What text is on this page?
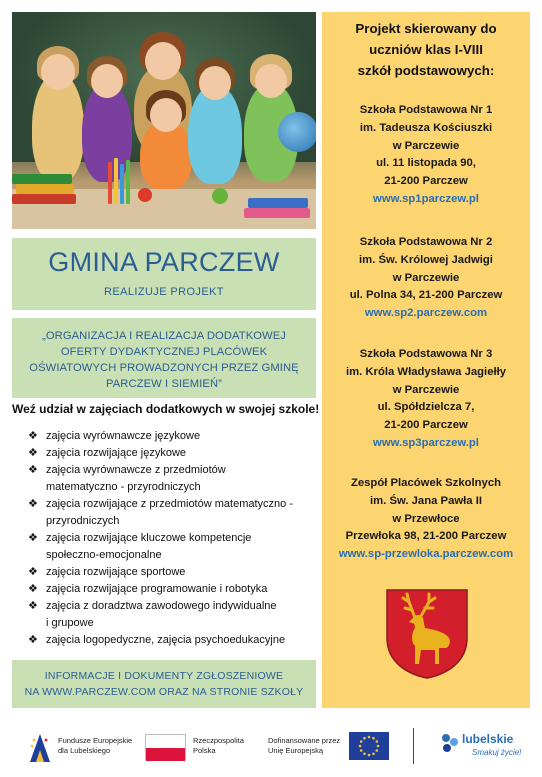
GMINA PARCZEW
REALIZUJE PROJEKT
„ORGANIZACJA I REALIZACJA DODATKOWEJ
OFERTY DYDAKTYCZNEJ PLACÓWEK
OŚWIATOWYCH PROWADZONYCH PRZEZ GMINĘ
PARCZEW I SIEMIEŃ”
Weź udział w zajęciach dodatkowych w swojej szkole!
❖ zajęcia wyrównawcze językowe
❖ zajęcia rozwijające językowe
❖ zajęcia wyrównawcze z przedmiotów
matematyczno - przyrodniczych
❖ zajęcia rozwijające z przedmiotów matematyczno -
przyrodniczych
❖ zajęcia rozwijające kluczowe kompetencje
społeczno-emocjonalne
❖ zajęcia rozwijające sportowe
❖ zajęcia rozwijające programowanie i robotyka
❖ zajęcia z doradztwa zawodowego indywidualne
i grupowe
❖ zajęcia logopedyczne, zajęcia psychoedukacyjne
INFORMACJE I DOKUMENTY ZGŁOSZENIOWE
NA WWW.PARCZEW.COM ORAZ NA STRONIE SZKOŁY
Projekt skierowany do
uczniów klas I-VIII
szkół podstawowych:
Szkoła Podstawowa Nr 1
im. Tadeusza Kościuszki
w Parczewie
ul. 11 listopada 90,
21-200 Parczew
www.sp1parczew.pl
Szkoła Podstawowa Nr 2
im. Św. Królowej Jadwigi
w Parczewie
ul. Polna 34, 21-200 Parczew
www.sp2.parczew.com
Szkoła Podstawowa Nr 3
im. Króla Władysława Jagiełły
w Parczewie
ul. Spółdzielcza 7,
21-200 Parczew
www.sp3parczew.pl
Zespół Placówek Szkolnych
im. Św. Jana Pawła II
w Przewłoce
Przewłoka 98, 21-200 Parczew
www.sp-przewloka.parczew.com
Fundusze Europejskie
dla Lubelskiego
Rzeczpospolita
Polska
Dofinansowane przez
Unię Europejską
lubelskie
Smakuj życie!
